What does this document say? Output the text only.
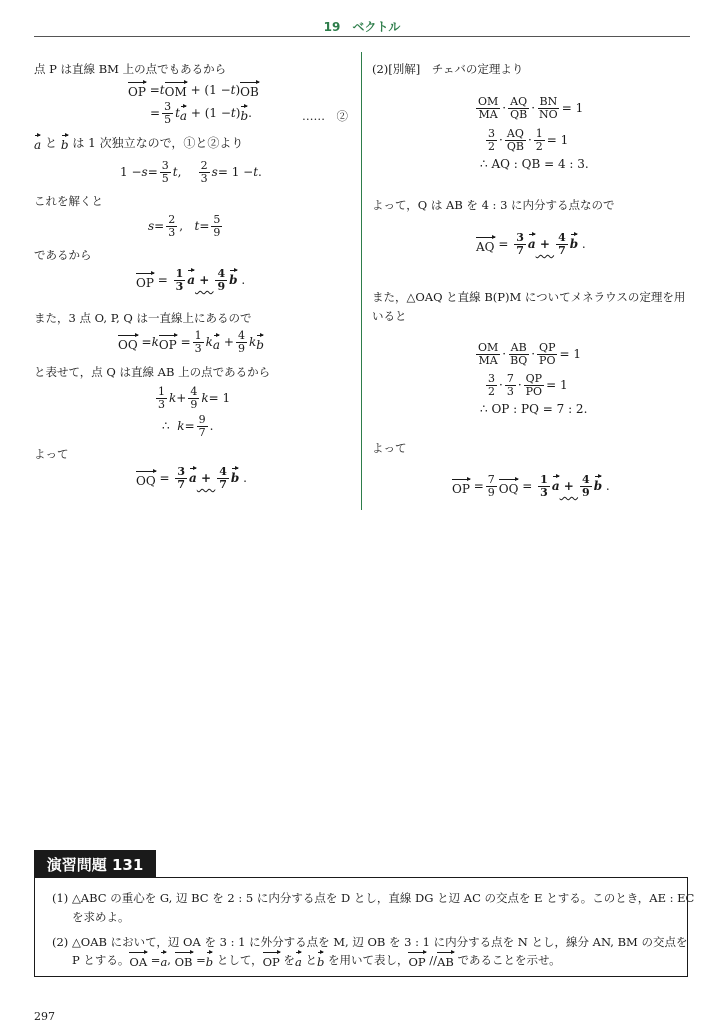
19　ベクトル
点 P は直線 BM 上の点でもあるから
OP = t OM + (1 − t ) OB
= $\frac{3}{5}$ t a + (1 − t ) b .	……　②
a
と
b
は 1 次独立なので，①と②より
$1 - s = \frac{3}{5}$ t , $\frac{2}{3}$ s = 1 − t .
これを解くと
$s = \frac{2}{3}$ , $t = \frac{5}{9}$
であるから
OP = $\frac{1}{3}$ $a + \frac{4}{9}$ b .
また，3 点 O, P, Q は一直線上にあるので
OQ = k OP = $\frac{1}{3}$ k $a + \frac{4}{9}$ k b
と表せて，点 Q は直線 AB 上の点であるから
$\frac{1}{3}$ $k + \frac{4}{9}$ k = 1
∴
$k = \frac{9}{7}$ .
よって
OQ = $\frac{3}{7}$ $a + \frac{4}{7}$ b .
(2)[別解]　チェバの定理より
$\frac{OM}{MA} \cdot \frac{AQ}{QB} \cdot \frac{BN}{NO} = 1$
$\frac{3}{2} \cdot \frac{AQ}{QB} \cdot \frac{1}{2} = 1$
∴ AQ : QB = 4 : 3.
よって，Q は AB を 4 : 3 に内分する点なので
AQ = $\frac{3}{7}$ $a + \frac{4}{7}$ b .
また，△OAQ と直線 B(P)M についてメネラウスの定理を用
いると
$\frac{OM}{MA} \cdot \frac{AB}{BQ} \cdot \frac{QP}{PO} = 1$
$\frac{3}{2} \cdot \frac{7}{3} \cdot \frac{QP}{PO} = 1$
∴ OP : PQ = 7 : 2.
よって
OP = $\frac{7}{9}$ OQ = $\frac{1}{3}$ $a + \frac{4}{9}$ b .
演習問題 131
(1) △ABC の重心を G, 辺 BC を 2 : 5 に内分する点を D とし，直線 DG と辺 AC の交点を E とする。このとき，AE : EC
を求めよ。
(2) △OAB において，辺 OA を 3 : 1 に外分する点を M, 辺 OB を 3 : 1 に内分する点を N とし，線分 AN, BM の交点を
P とする。 OA = a , OB = b として， OP を a と b を用いて表し， OP // AB
であることを示せ。
297
